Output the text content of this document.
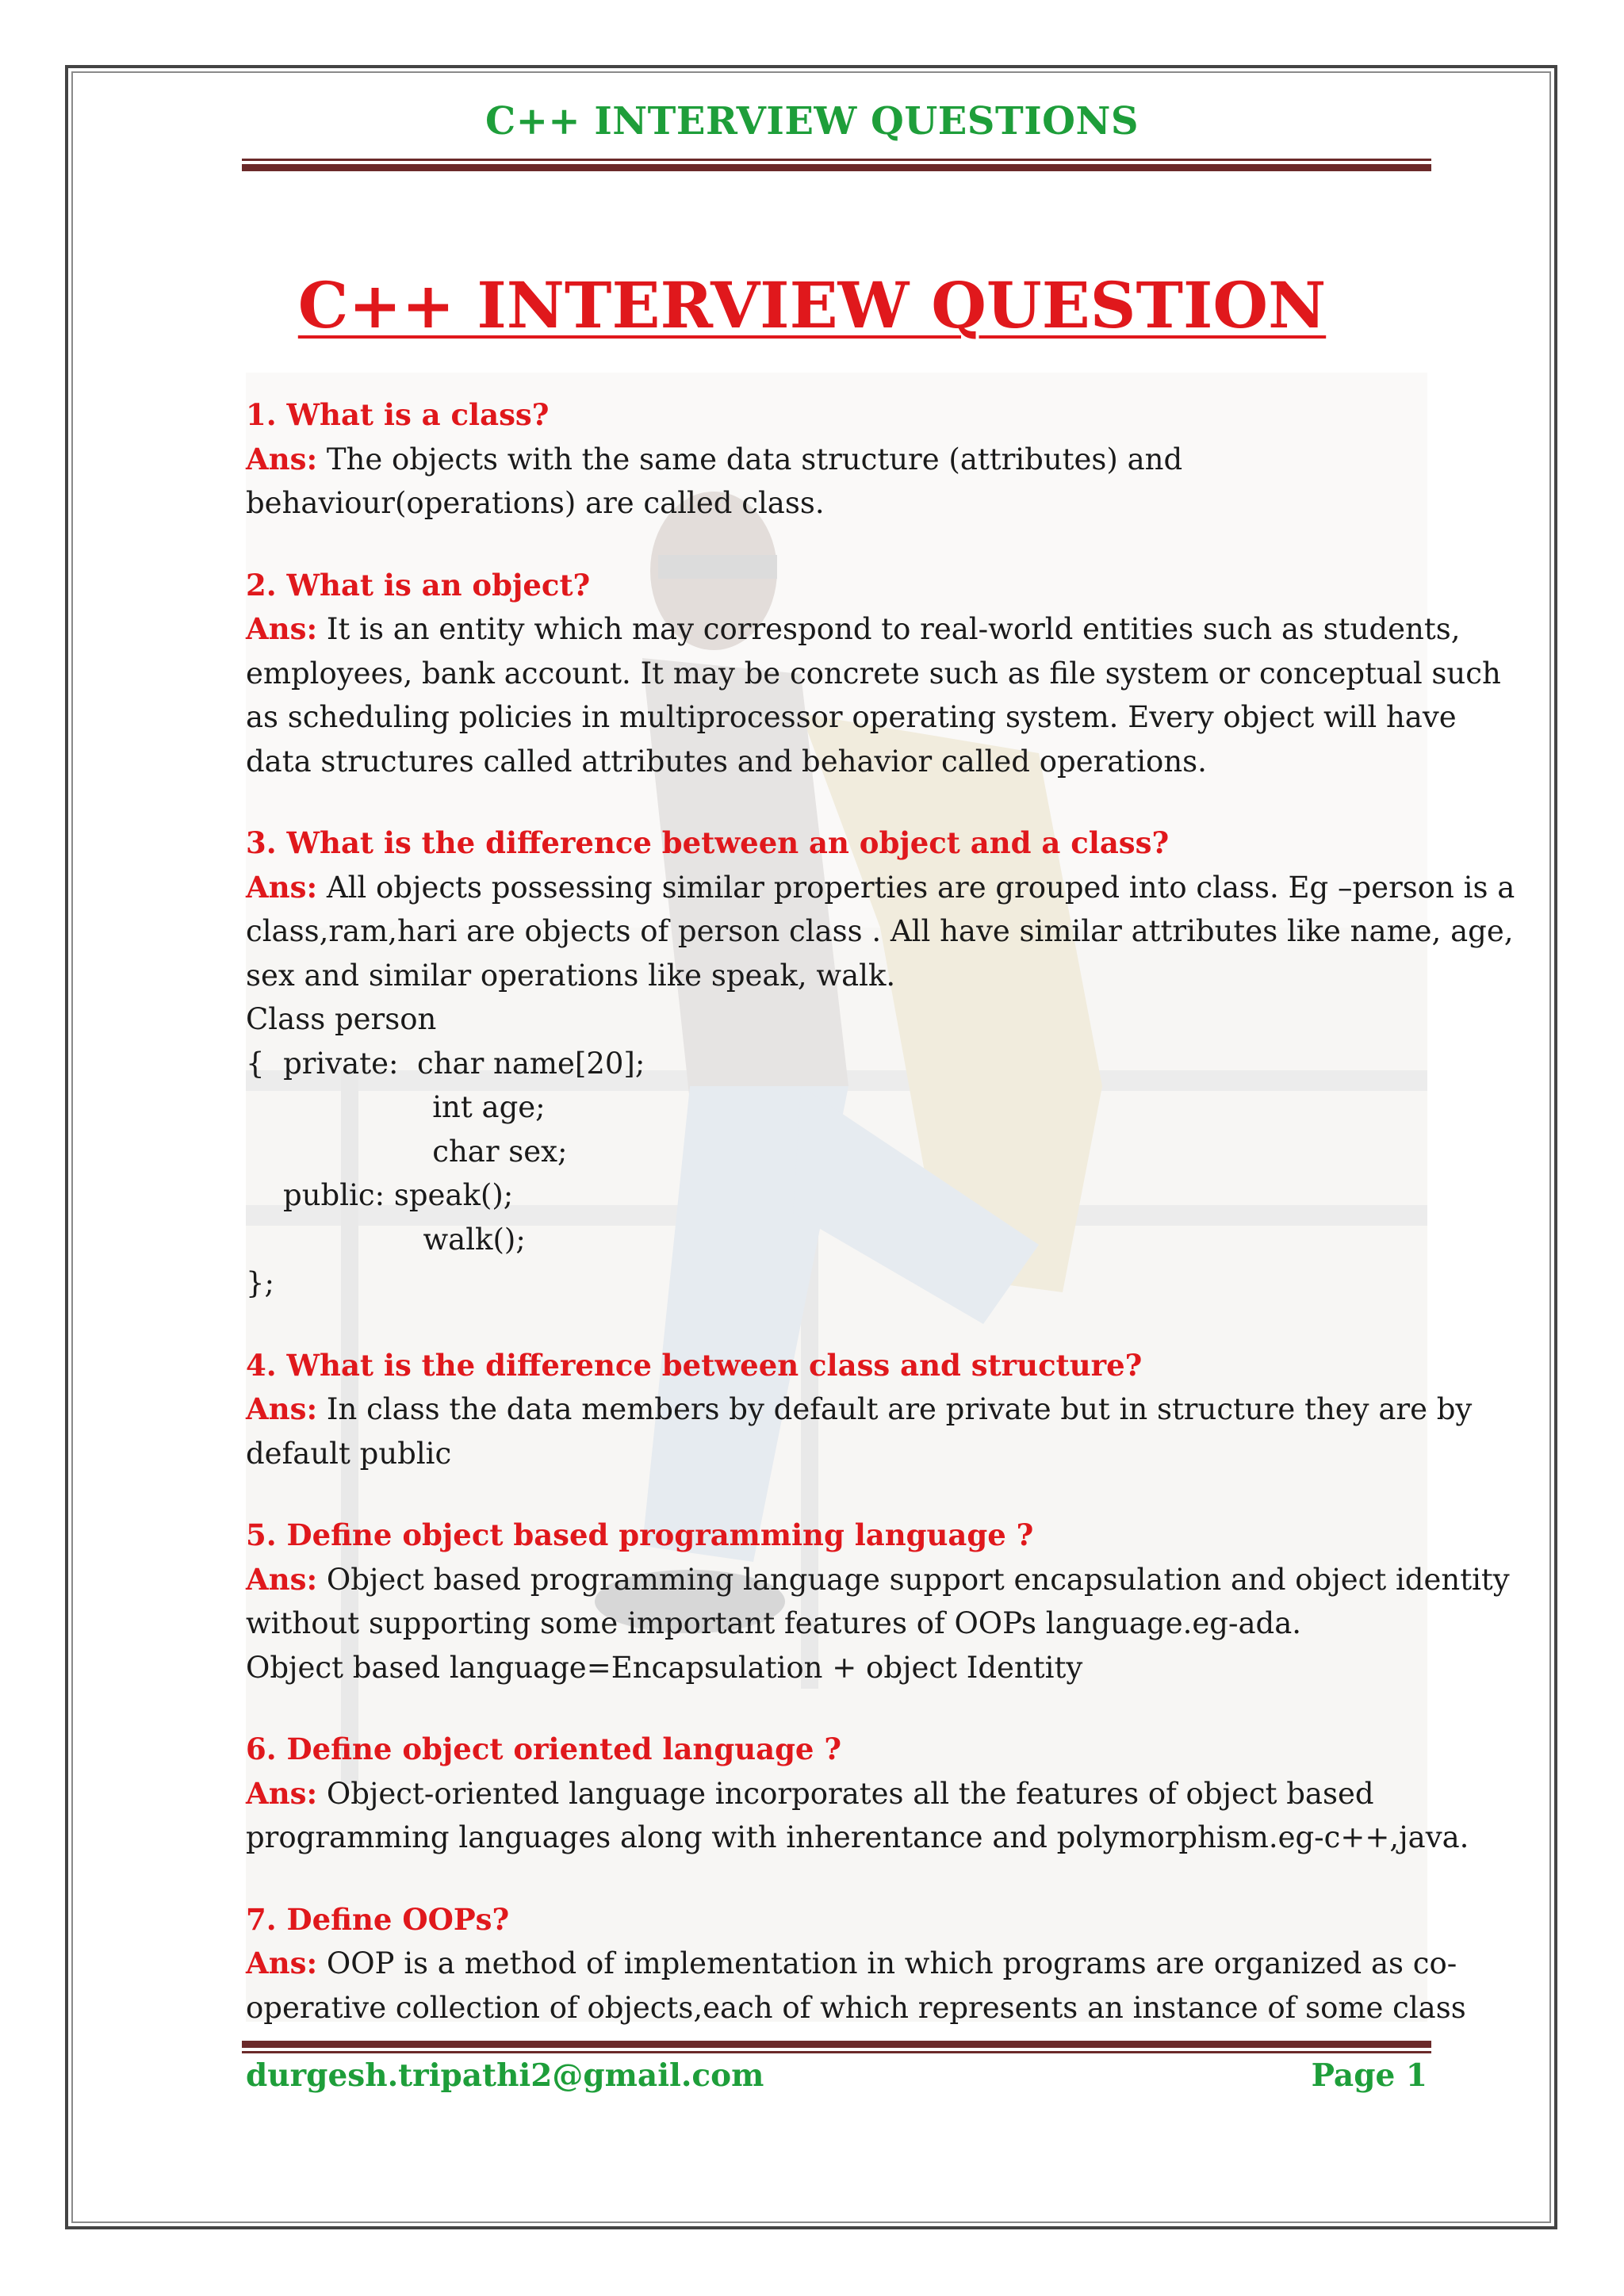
C++ INTERVIEW QUESTIONS
C++ INTERVIEW QUESTION
1. What is a class?
Ans: The objects with the same data structure (attributes) and
behaviour(operations) are called class.
2. What is an object?
Ans: It is an entity which may correspond to real-world entities such as students,
employees, bank account. It may be concrete such as file system or conceptual such
as scheduling policies in multiprocessor operating system. Every object will have
data structures called attributes and behavior called operations.
3. What is the difference between an object and a class?
Ans: All objects possessing similar properties are grouped into class. Eg –person is a
class,ram,hari are objects of person class . All have similar attributes like name, age,
sex and similar operations like speak, walk.
Class person
{  private:  char name[20];
int age;
char sex;
public: speak();
walk();
};
4. What is the difference between class and structure?
Ans: In class the data members by default are private but in structure they are by
default public
5. Define object based programming language ?
Ans: Object based programming language support encapsulation and object identity
without supporting some important features of OOPs language.eg-ada.
Object based language=Encapsulation + object Identity
6. Define object oriented language ?
Ans: Object-oriented language incorporates all the features of object based
programming languages along with inherentance and polymorphism.eg-c++,java.
7. Define OOPs?
Ans: OOP is a method of implementation in which programs are organized as co-
operative collection of objects,each of which represents an instance of some class
durgesh.tripathi2@gmail.com	Page 1
